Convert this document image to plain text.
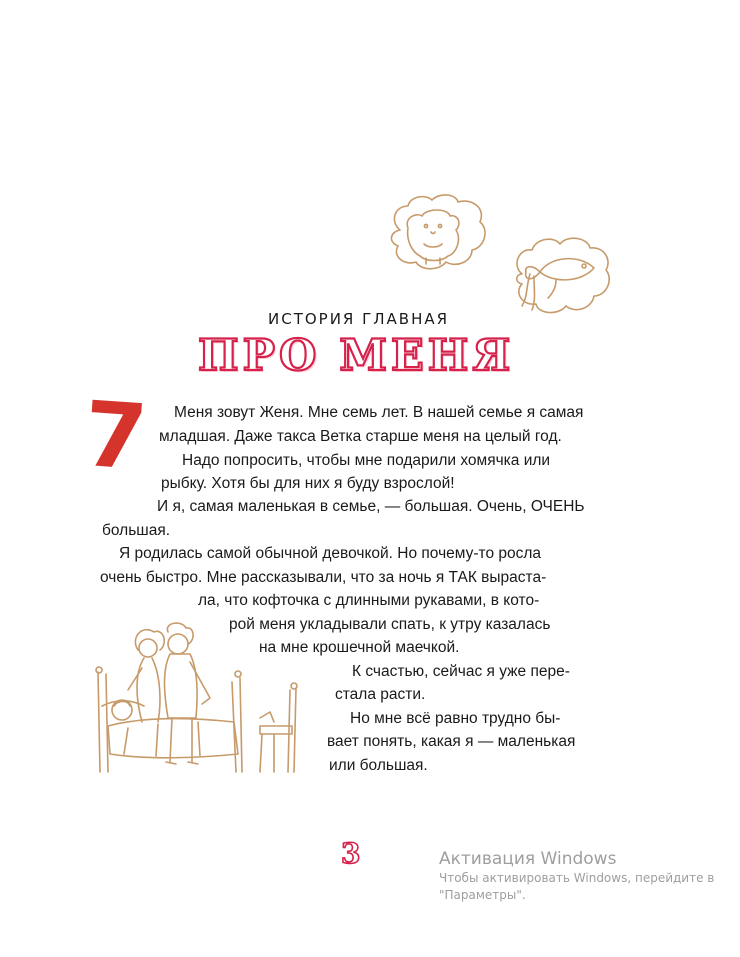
ИСТОРИЯ ГЛАВНАЯ
ПРО МЕНЯ
7 Меня зовут Женя. Мне семь лет. В нашей семье я самая
младшая. Даже такса Ветка старше меня на целый год.
Надо попросить, чтобы мне подарили хомячка или
рыбку. Хотя бы для них я буду взрослой!
И я, самая маленькая в семье, — большая. Очень, ОЧЕНЬ
большая.
Я родилась самой обычной девочкой. Но почему-то росла
очень быстро. Мне рассказывали, что за ночь я ТАК выраста-
ла, что кофточка с длинными рукавами, в кото-
рой меня укладывали спать, к утру казалась
на мне крошечной маечкой.
К счастью, сейчас я уже пере-
стала расти.
Но мне всё равно трудно бы-
вает понять, какая я — маленькая
или большая.
3	Активация Windows
Чтобы активировать Windows, перейдите в
"Параметры".
